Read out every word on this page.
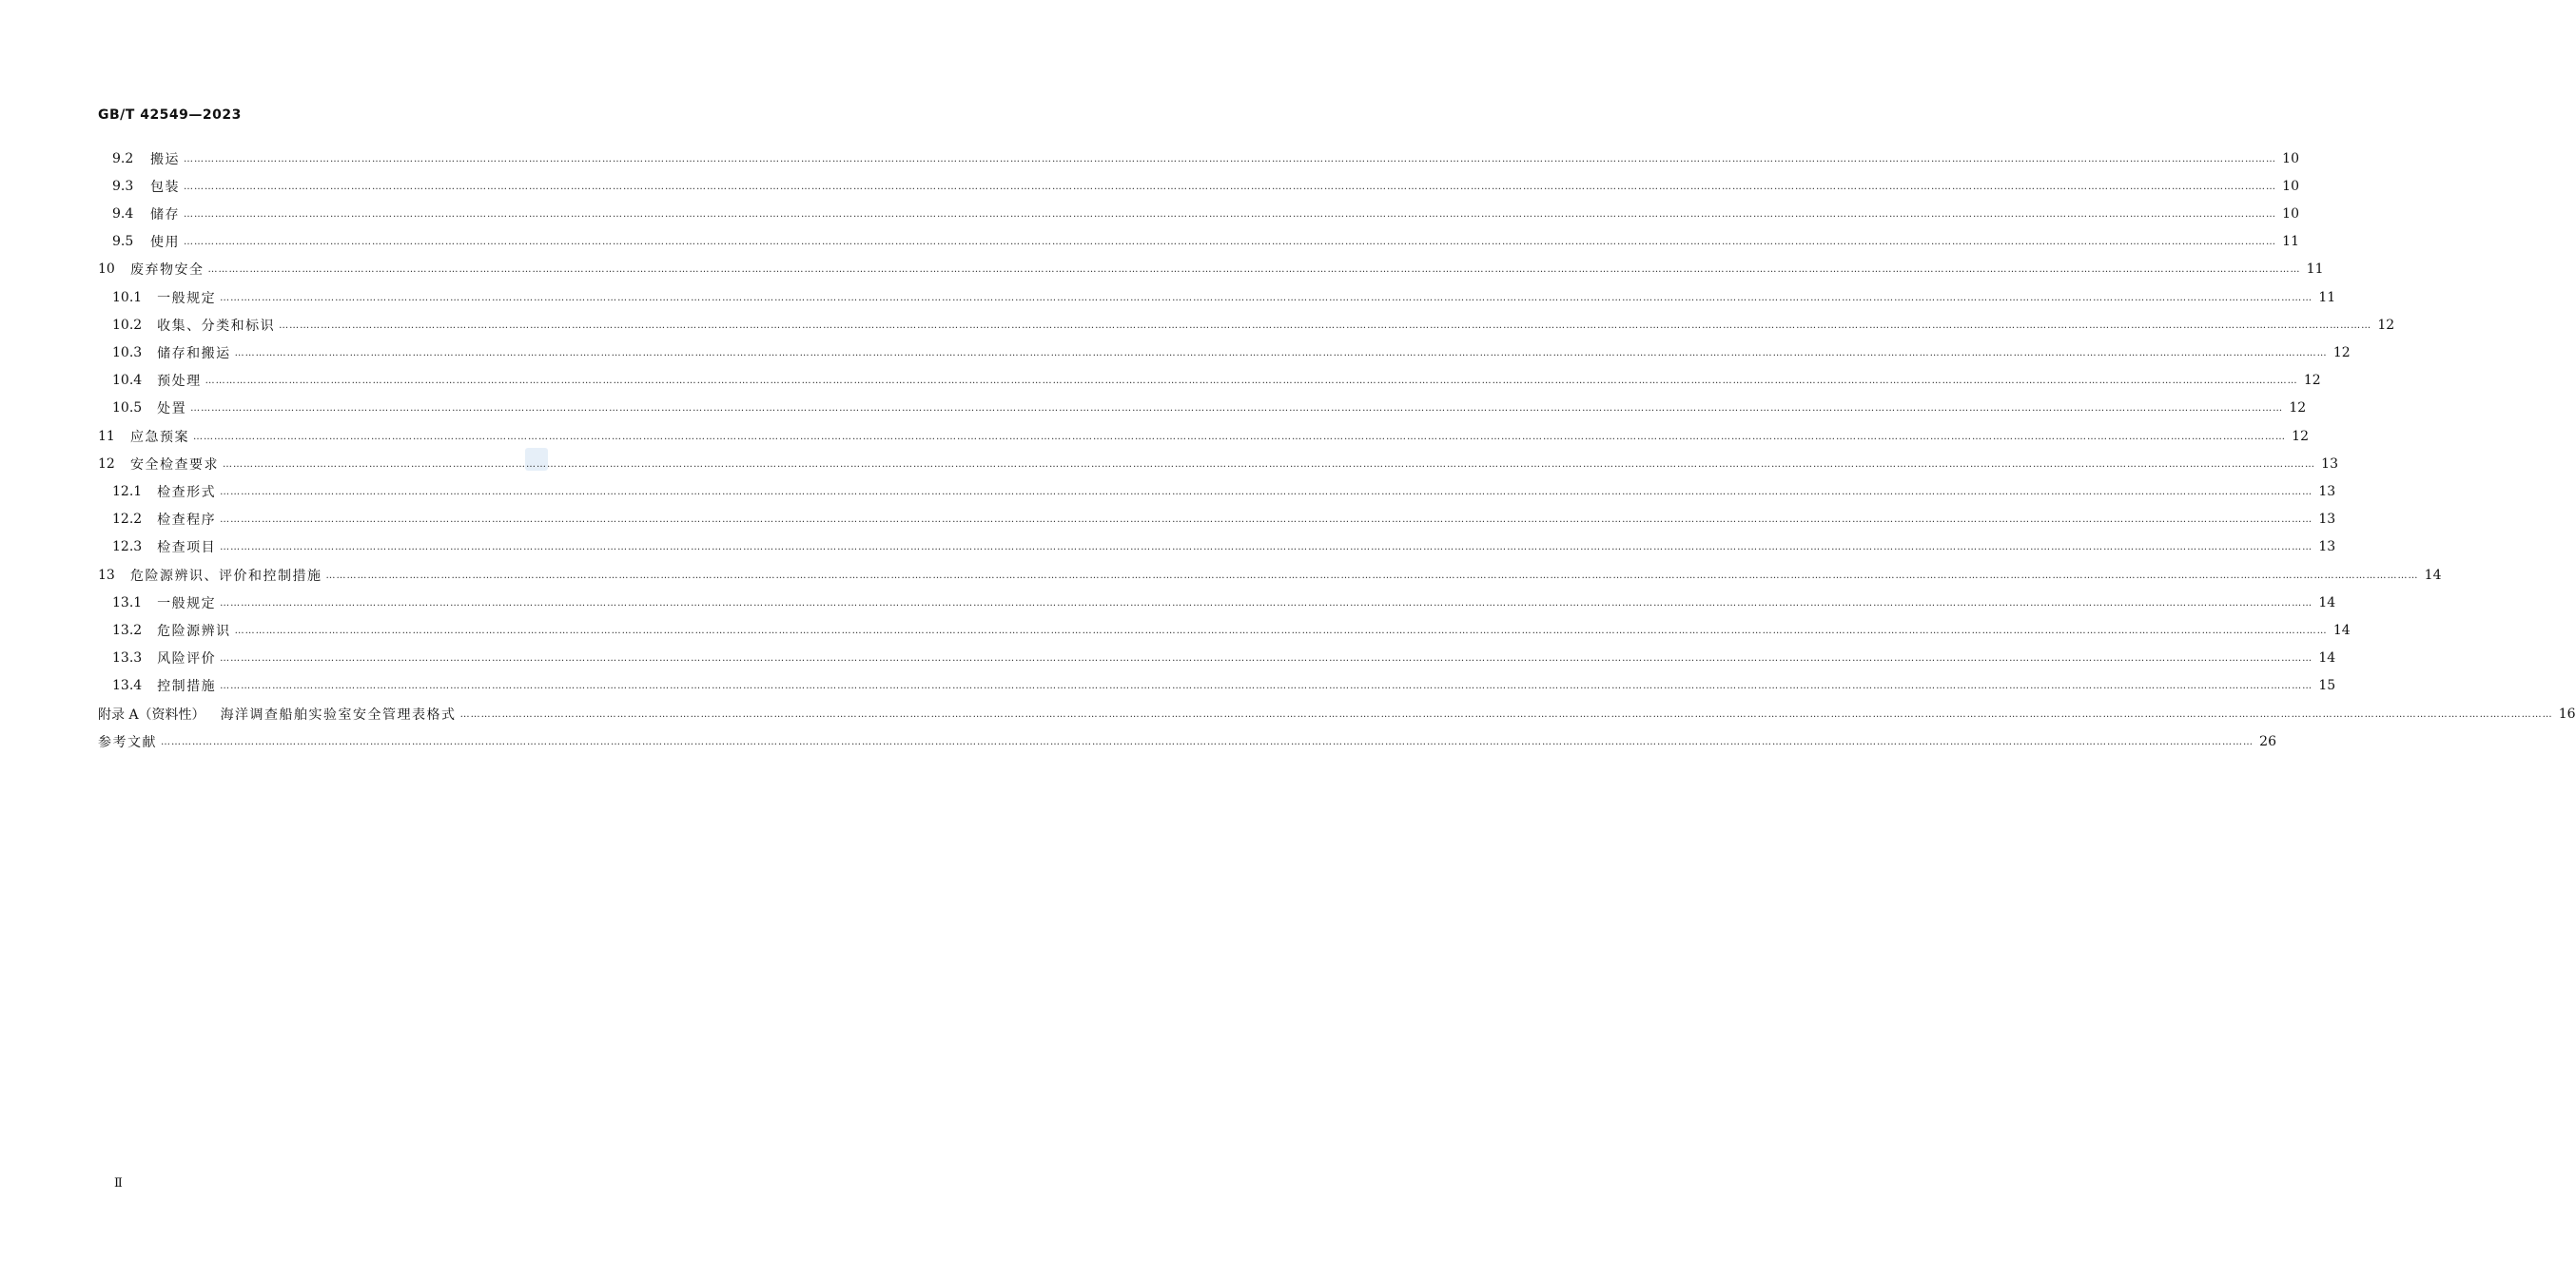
GB/T 42549—2023
9.2	搬运 …………………………………………………………………………………………………………………………………………………………………………………………………………………………………………………………………………………………………………………………………………………………………………………………………………………………………………………………………………………………………………………………………………………… 10
9.3	包装 …………………………………………………………………………………………………………………………………………………………………………………………………………………………………………………………………………………………………………………………………………………………………………………………………………………………………………………………………………………………………………………………………………………… 10
9.4	储存 …………………………………………………………………………………………………………………………………………………………………………………………………………………………………………………………………………………………………………………………………………………………………………………………………………………………………………………………………………………………………………………………………………………… 10
9.5	使用 …………………………………………………………………………………………………………………………………………………………………………………………………………………………………………………………………………………………………………………………………………………………………………………………………………………………………………………………………………………………………………………………………………………… 11
10	废弃物安全 …………………………………………………………………………………………………………………………………………………………………………………………………………………………………………………………………………………………………………………………………………………………………………………………………………………………………………………………………………………………………………………………………………………… 11
10.1	一般规定 …………………………………………………………………………………………………………………………………………………………………………………………………………………………………………………………………………………………………………………………………………………………………………………………………………………………………………………………………………………………………………………………………………………… 11
10.2	收集、分类和标识 …………………………………………………………………………………………………………………………………………………………………………………………………………………………………………………………………………………………………………………………………………………………………………………………………………………………………………………………………………………………………………………………………………………… 12
10.3	储存和搬运 …………………………………………………………………………………………………………………………………………………………………………………………………………………………………………………………………………………………………………………………………………………………………………………………………………………………………………………………………………………………………………………………………………………… 12
10.4	预处理 …………………………………………………………………………………………………………………………………………………………………………………………………………………………………………………………………………………………………………………………………………………………………………………………………………………………………………………………………………………………………………………………………………………… 12
10.5	处置 …………………………………………………………………………………………………………………………………………………………………………………………………………………………………………………………………………………………………………………………………………………………………………………………………………………………………………………………………………………………………………………………………………………… 12
11	应急预案 …………………………………………………………………………………………………………………………………………………………………………………………………………………………………………………………………………………………………………………………………………………………………………………………………………………………………………………………………………………………………………………………………………………… 12
12	安全检查要求 …………………………………………………………………………………………………………………………………………………………………………………………………………………………………………………………………………………………………………………………………………………………………………………………………………………………………………………………………………………………………………………………………………………… 13
12.1	检查形式 …………………………………………………………………………………………………………………………………………………………………………………………………………………………………………………………………………………………………………………………………………………………………………………………………………………………………………………………………………………………………………………………………………………… 13
12.2	检查程序 …………………………………………………………………………………………………………………………………………………………………………………………………………………………………………………………………………………………………………………………………………………………………………………………………………………………………………………………………………………………………………………………………………………… 13
12.3	检查项目 …………………………………………………………………………………………………………………………………………………………………………………………………………………………………………………………………………………………………………………………………………………………………………………………………………………………………………………………………………………………………………………………………………………… 13
13	危险源辨识、评价和控制措施 …………………………………………………………………………………………………………………………………………………………………………………………………………………………………………………………………………………………………………………………………………………………………………………………………………………………………………………………………………………………………………………………………………………… 14
13.1	一般规定 …………………………………………………………………………………………………………………………………………………………………………………………………………………………………………………………………………………………………………………………………………………………………………………………………………………………………………………………………………………………………………………………………………………… 14
13.2	危险源辨识 …………………………………………………………………………………………………………………………………………………………………………………………………………………………………………………………………………………………………………………………………………………………………………………………………………………………………………………………………………………………………………………………………………………… 14
13.3	风险评价 …………………………………………………………………………………………………………………………………………………………………………………………………………………………………………………………………………………………………………………………………………………………………………………………………………………………………………………………………………………………………………………………………………………… 14
13.4	控制措施 …………………………………………………………………………………………………………………………………………………………………………………………………………………………………………………………………………………………………………………………………………………………………………………………………………………………………………………………………………………………………………………………………………………… 15
附录 A（资料性）	海洋调查船舶实验室安全管理表格式 …………………………………………………………………………………………………………………………………………………………………………………………………………………………………………………………………………………………………………………………………………………………………………………………………………………………………………………………………………………………………………………………………………………… 16
参考文献 …………………………………………………………………………………………………………………………………………………………………………………………………………………………………………………………………………………………………………………………………………………………………………………………………………………………………………………………………………………………………………………………………………………… 26
Ⅱ
